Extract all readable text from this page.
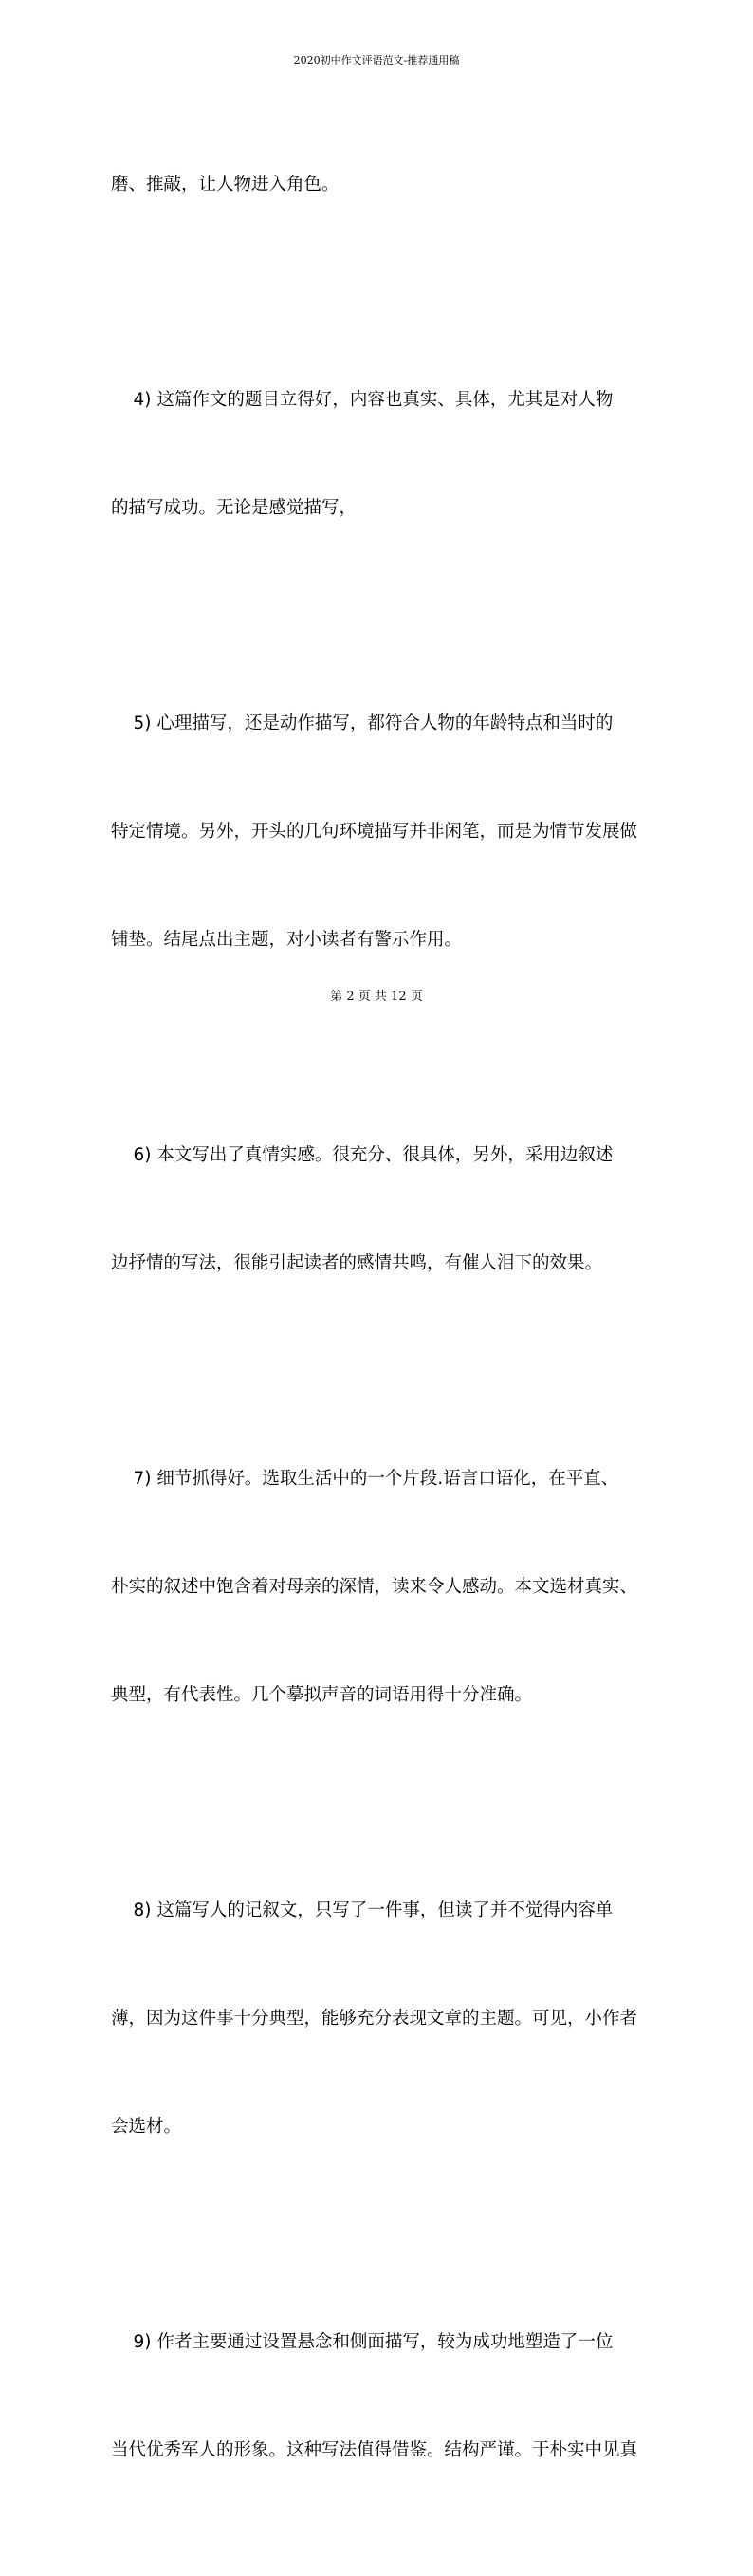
2020初中作文评语范文-推荐通用稿

磨、推敲，让人物进入角色。

4) 这篇作文的题目立得好，内容也真实、具体，尤其是对人物

的描写成功。无论是感觉描写，

5) 心理描写，还是动作描写，都符合人物的年龄特点和当时的

特定情境。另外，开头的几句环境描写并非闲笔，而是为情节发展做

铺垫。结尾点出主题，对小读者有警示作用。

6) 本文写出了真情实感。很充分、很具体，另外，采用边叙述

边抒情的写法，很能引起读者的感情共鸣，有催人泪下的效果。

7) 细节抓得好。选取生活中的一个片段.语言口语化，在平直、

朴实的叙述中饱含着对母亲的深情，读来令人感动。本文选材真实、

典型，有代表性。几个摹拟声音的词语用得十分准确。

8) 这篇写人的记叙文，只写了一件事，但读了并不觉得内容单

薄，因为这件事十分典型，能够充分表现文章的主题。可见，小作者

会选材。

9) 作者主要通过设置悬念和侧面描写，较为成功地塑造了一位

当代优秀军人的形象。这种写法值得借鉴。结构严谨。于朴实中见真

第 2 页 共 12 页
